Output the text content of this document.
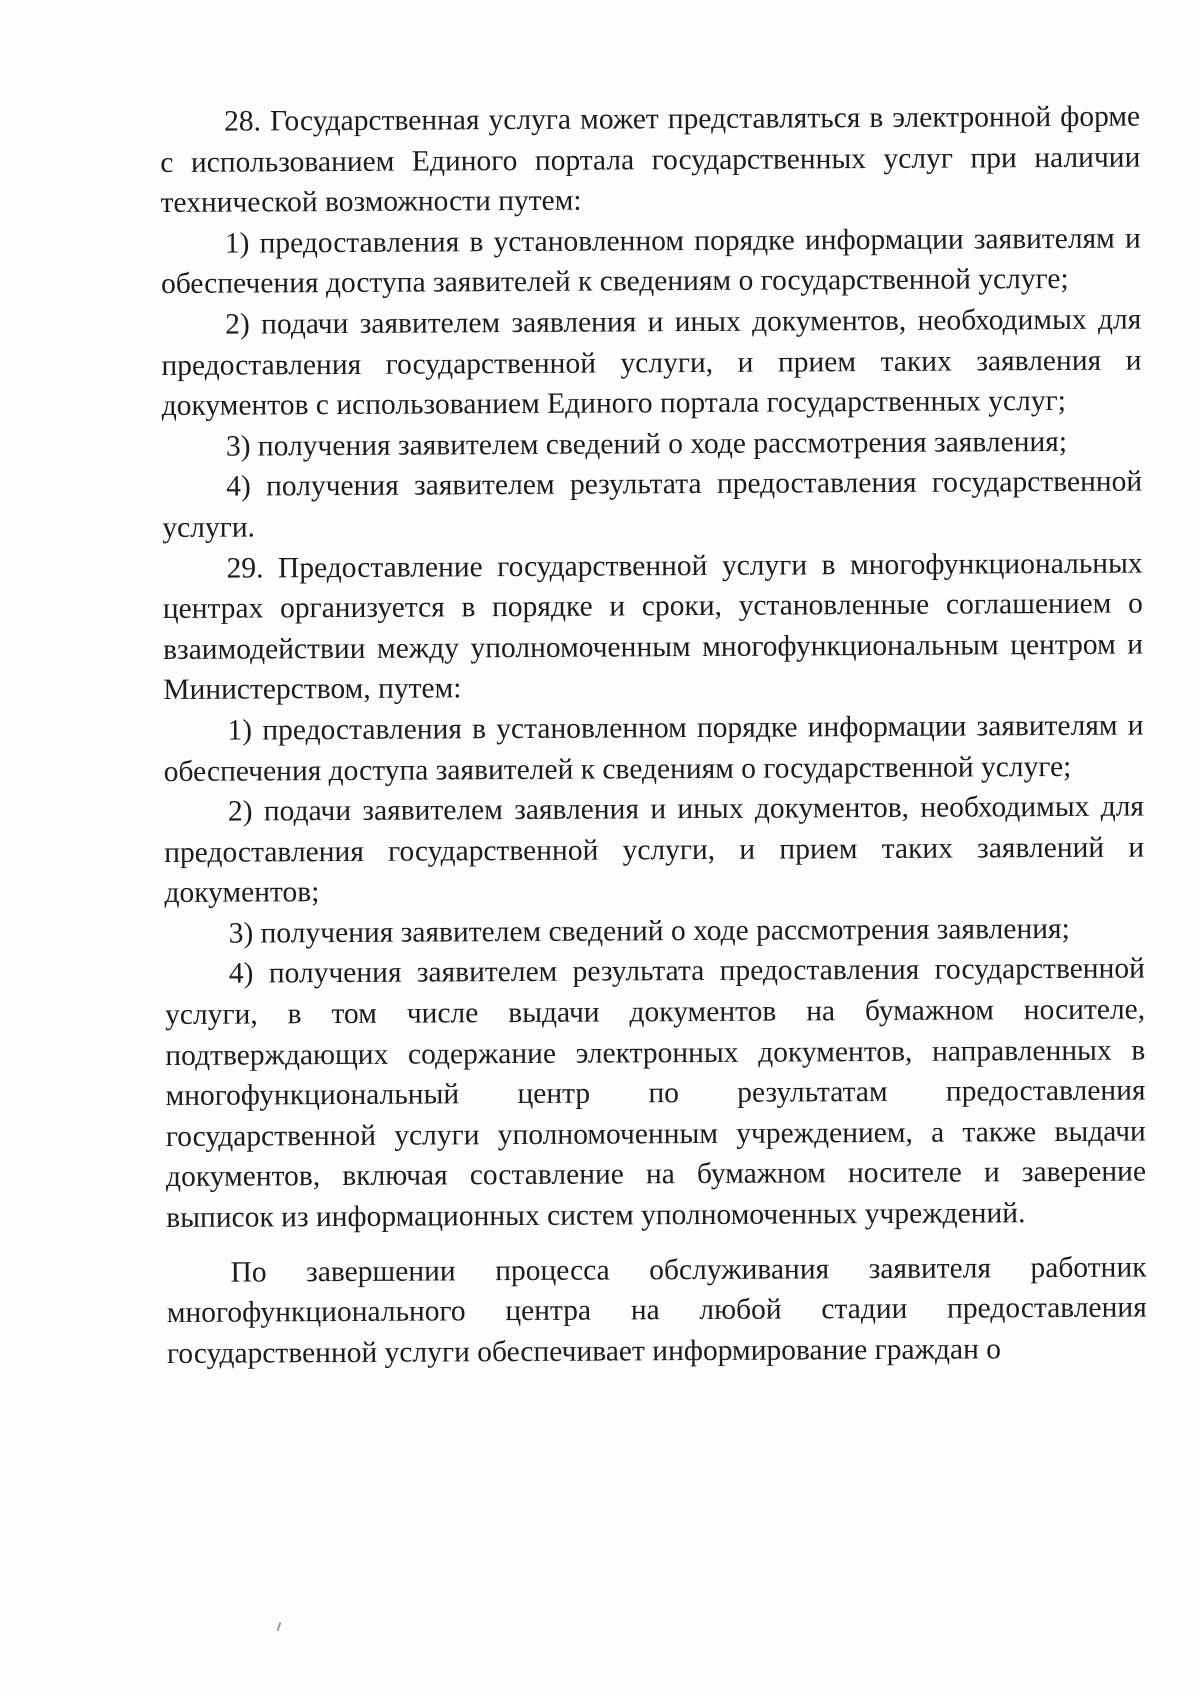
28. Государственная услуга может представляться в электронной форме с использованием Единого портала государственных услуг при наличии технической возможности путем:

1) предоставления в установленном порядке информации заявителям и обеспечения доступа заявителей к сведениям о государственной услуге;

2) подачи заявителем заявления и иных документов, необходимых для предоставления государственной услуги, и прием таких заявления и документов с использованием Единого портала государственных услуг;

3) получения заявителем сведений о ходе рассмотрения заявления;

4) получения заявителем результата предоставления государственной услуги.

29. Предоставление государственной услуги в многофункциональных центрах организуется в порядке и сроки, установленные соглашением о взаимодействии между уполномоченным многофункциональным центром и Министерством, путем:

1) предоставления в установленном порядке информации заявителям и обеспечения доступа заявителей к сведениям о государственной услуге;

2) подачи заявителем заявления и иных документов, необходимых для предоставления государственной услуги, и прием таких заявлений и документов;

3) получения заявителем сведений о ходе рассмотрения заявления;

4) получения заявителем результата предоставления государственной услуги, в том числе выдачи документов на бумажном носителе, подтверждающих содержание электронных документов, направленных в многофункциональный центр по результатам предоставления государственной услуги уполномоченным учреждением, а также выдачи документов, включая составление на бумажном носителе и заверение выписок из информационных систем уполномоченных учреждений.

По завершении процесса обслуживания заявителя работник многофункционального центра на любой стадии предоставления государственной услуги обеспечивает информирование граждан о
